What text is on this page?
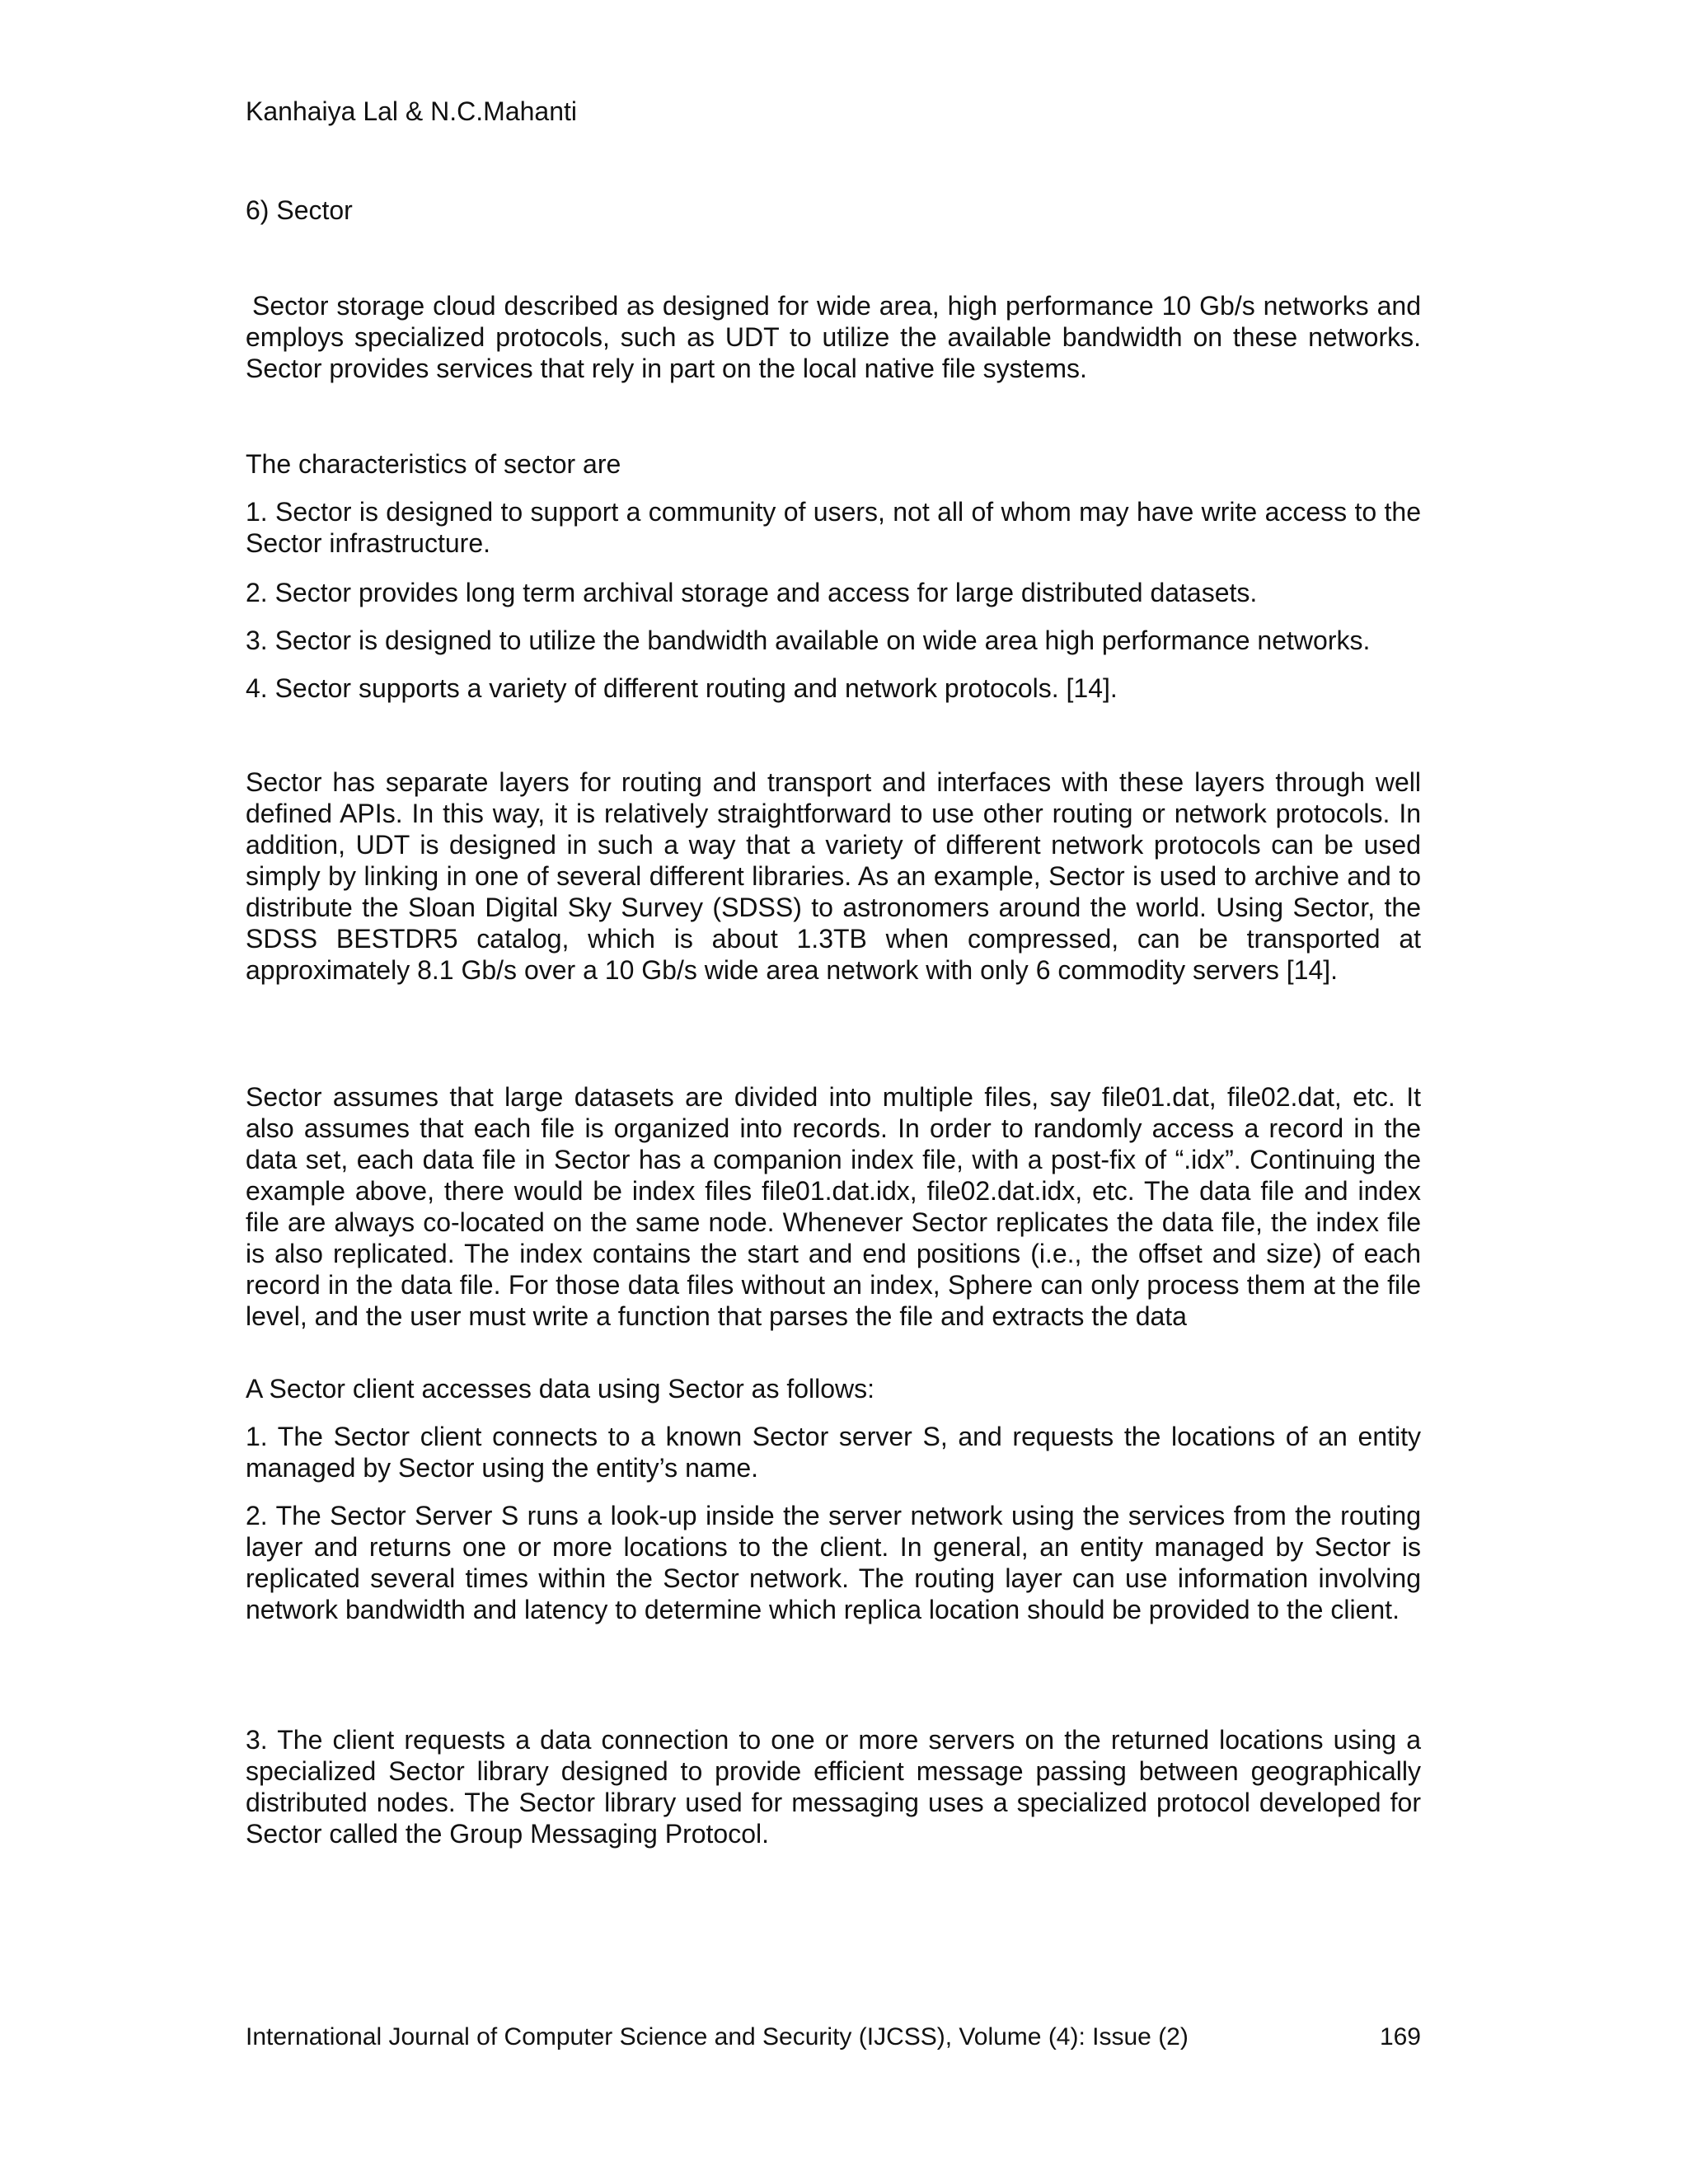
Kanhaiya Lal & N.C.Mahanti
6) Sector

Sector storage cloud described as designed for wide area, high performance 10 Gb/s networks and employs specialized protocols, such as UDT to utilize the available bandwidth on these networks. Sector provides services that rely in part on the local native file systems.

The characteristics of sector are

1. Sector is designed to support a community of users, not all of whom may have write access to the Sector infrastructure.

2. Sector provides long term archival storage and access for large distributed datasets.

3. Sector is designed to utilize the bandwidth available on wide area high performance networks.

4. Sector supports a variety of different routing and network protocols. [14].

Sector has separate layers for routing and transport and interfaces with these layers through well defined APIs. In this way, it is relatively straightforward to use other routing or network protocols. In addition, UDT is designed in such a way that a variety of different network protocols can be used simply by linking in one of several different libraries. As an example, Sector is used to archive and to distribute the Sloan Digital Sky Survey (SDSS) to astronomers around the world. Using Sector, the SDSS BESTDR5 catalog, which is about 1.3TB when compressed, can be transported at approximately 8.1 Gb/s over a 10 Gb/s wide area network with only 6 commodity servers [14].

Sector assumes that large datasets are divided into multiple files, say file01.dat, file02.dat, etc. It also assumes that each file is organized into records. In order to randomly access a record in the data set, each data file in Sector has a companion index file, with a post-fix of “.idx”. Continuing the example above, there would be index files file01.dat.idx, file02.dat.idx, etc. The data file and index file are always co-located on the same node. Whenever Sector replicates the data file, the index file is also replicated. The index contains the start and end positions (i.e., the offset and size) of each record in the data file. For those data files without an index, Sphere can only process them at the file level, and the user must write a function that parses the file and extracts the data

A Sector client accesses data using Sector as follows:

1. The Sector client connects to a known Sector server S, and requests the locations of an entity managed by Sector using the entity’s name.

2. The Sector Server S runs a look-up inside the server network using the services from the routing layer and returns one or more locations to the client. In general, an entity managed by Sector is replicated several times within the Sector network. The routing layer can use information involving network bandwidth and latency to determine which replica location should be provided to the client.

3. The client requests a data connection to one or more servers on the returned locations using a specialized Sector library designed to provide efficient message passing between geographically distributed nodes. The Sector library used for messaging uses a specialized protocol developed for Sector called the Group Messaging Protocol.

International Journal of Computer Science and Security (IJCSS), Volume (4): Issue (2)	169
